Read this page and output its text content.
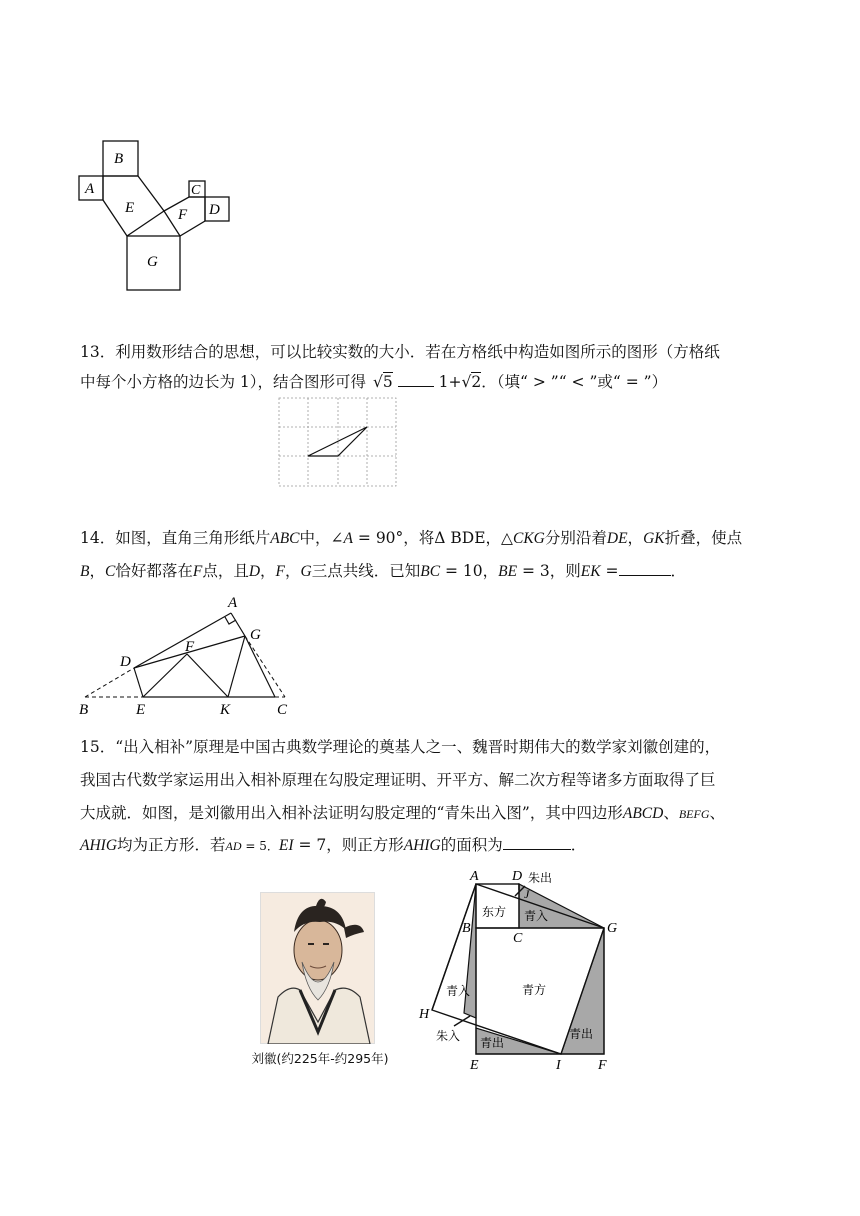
B
A
E
C
F D
G
13．利用数形结合的思想，可以比较实数的大小．若在方格纸中构造如图所示的图形（方格纸
中每个小方格的边长为 1），结合图形可得 √5	1+√2．（填“ > ”“ < ”或“ = ”）
14．如图，直角三角形纸片ABC中，∠A = 90°，将Δ BDE，△CKG分别沿着DE，GK折叠，使点
B，C恰好都落在F点，且D，F，G三点共线．已知BC = 10，BE = 3，则EK =	．
A
G
D
F
B	E	K	C
15．“出入相补”原理是中国古典数学理论的奠基人之一、魏晋时期伟大的数学家刘徽创建的，
我国古代数学家运用出入相补原理在勾股定理证明、开平方、解二次方程等诸多方面取得了巨
大成就．如图，是刘徽用出入相补法证明勾股定理的“青朱出入图”，其中四边形ABCD、BEFG、
AHIG均为正方形．若AD = 5．EI = 7，则正方形AHIG的面积为	．
刘徽(约225年-约295年)
A D
J
B
C
G
H
E	I	F
朱出
东方 青入
青入	青方
朱入 青出
青出
